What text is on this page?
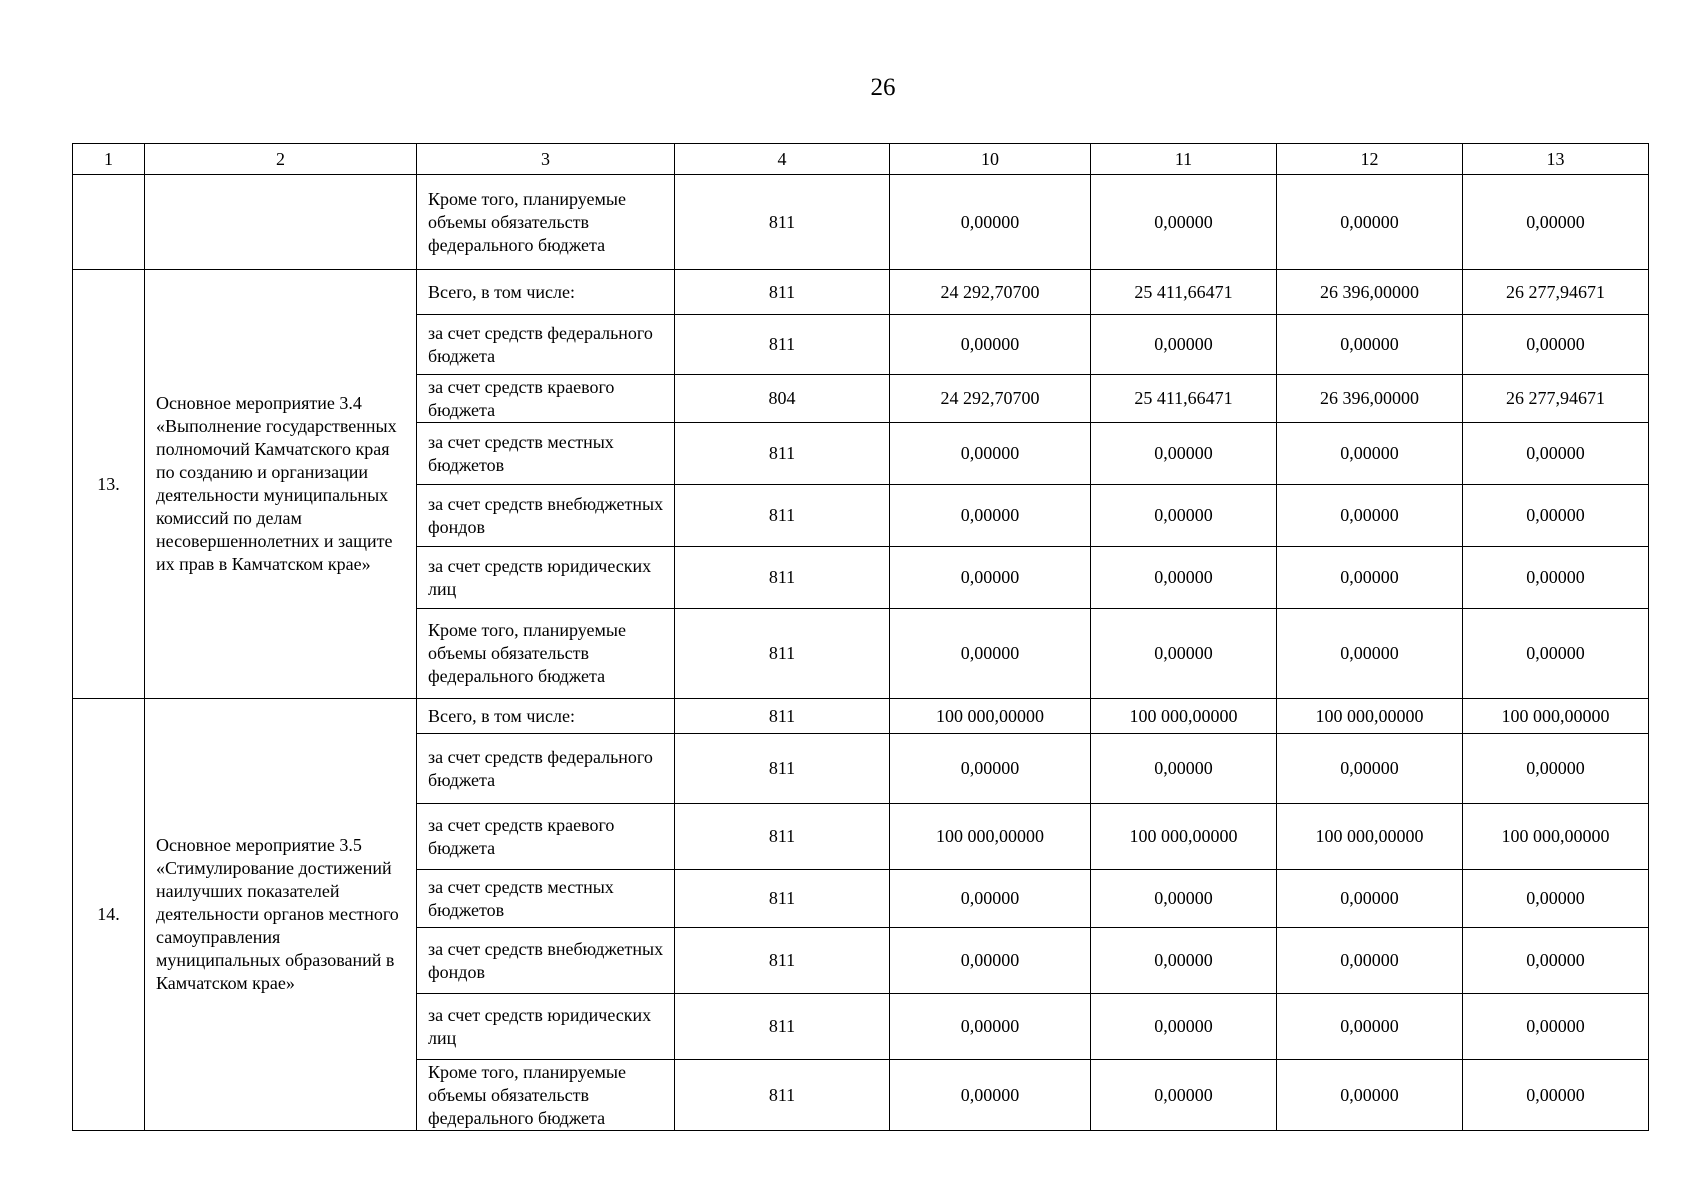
26
1	2	3	4	10	11	12	13
		Кроме того, планируемые объемы обязательств федерального бюджета	811	0,00000	0,00000	0,00000	0,00000
13.	Основное мероприятие 3.4 «Выполнение государственных полномочий Камчатского края по созданию и организации деятельности муниципальных комиссий по делам несовершеннолетних и защите их прав в Камчатском крае»	Всего, в том числе:	811	24 292,70700	25 411,66471	26 396,00000	26 277,94671
		за счет средств федерального бюджета	811	0,00000	0,00000	0,00000	0,00000
		за счет средств краевого бюджета	804	24 292,70700	25 411,66471	26 396,00000	26 277,94671
		за счет средств местных бюджетов	811	0,00000	0,00000	0,00000	0,00000
		за счет средств внебюджетных фондов	811	0,00000	0,00000	0,00000	0,00000
		за счет средств юридических лиц	811	0,00000	0,00000	0,00000	0,00000
		Кроме того, планируемые объемы обязательств федерального бюджета	811	0,00000	0,00000	0,00000	0,00000
14.	Основное мероприятие 3.5 «Стимулирование достижений наилучших показателей деятельности органов местного самоуправления муниципальных образований в Камчатском крае»	Всего, в том числе:	811	100 000,00000	100 000,00000	100 000,00000	100 000,00000
		за счет средств федерального бюджета	811	0,00000	0,00000	0,00000	0,00000
		за счет средств краевого бюджета	811	100 000,00000	100 000,00000	100 000,00000	100 000,00000
		за счет средств местных бюджетов	811	0,00000	0,00000	0,00000	0,00000
		за счет средств внебюджетных фондов	811	0,00000	0,00000	0,00000	0,00000
		за счет средств юридических лиц	811	0,00000	0,00000	0,00000	0,00000
		Кроме того, планируемые объемы обязательств федерального бюджета	811	0,00000	0,00000	0,00000	0,00000
